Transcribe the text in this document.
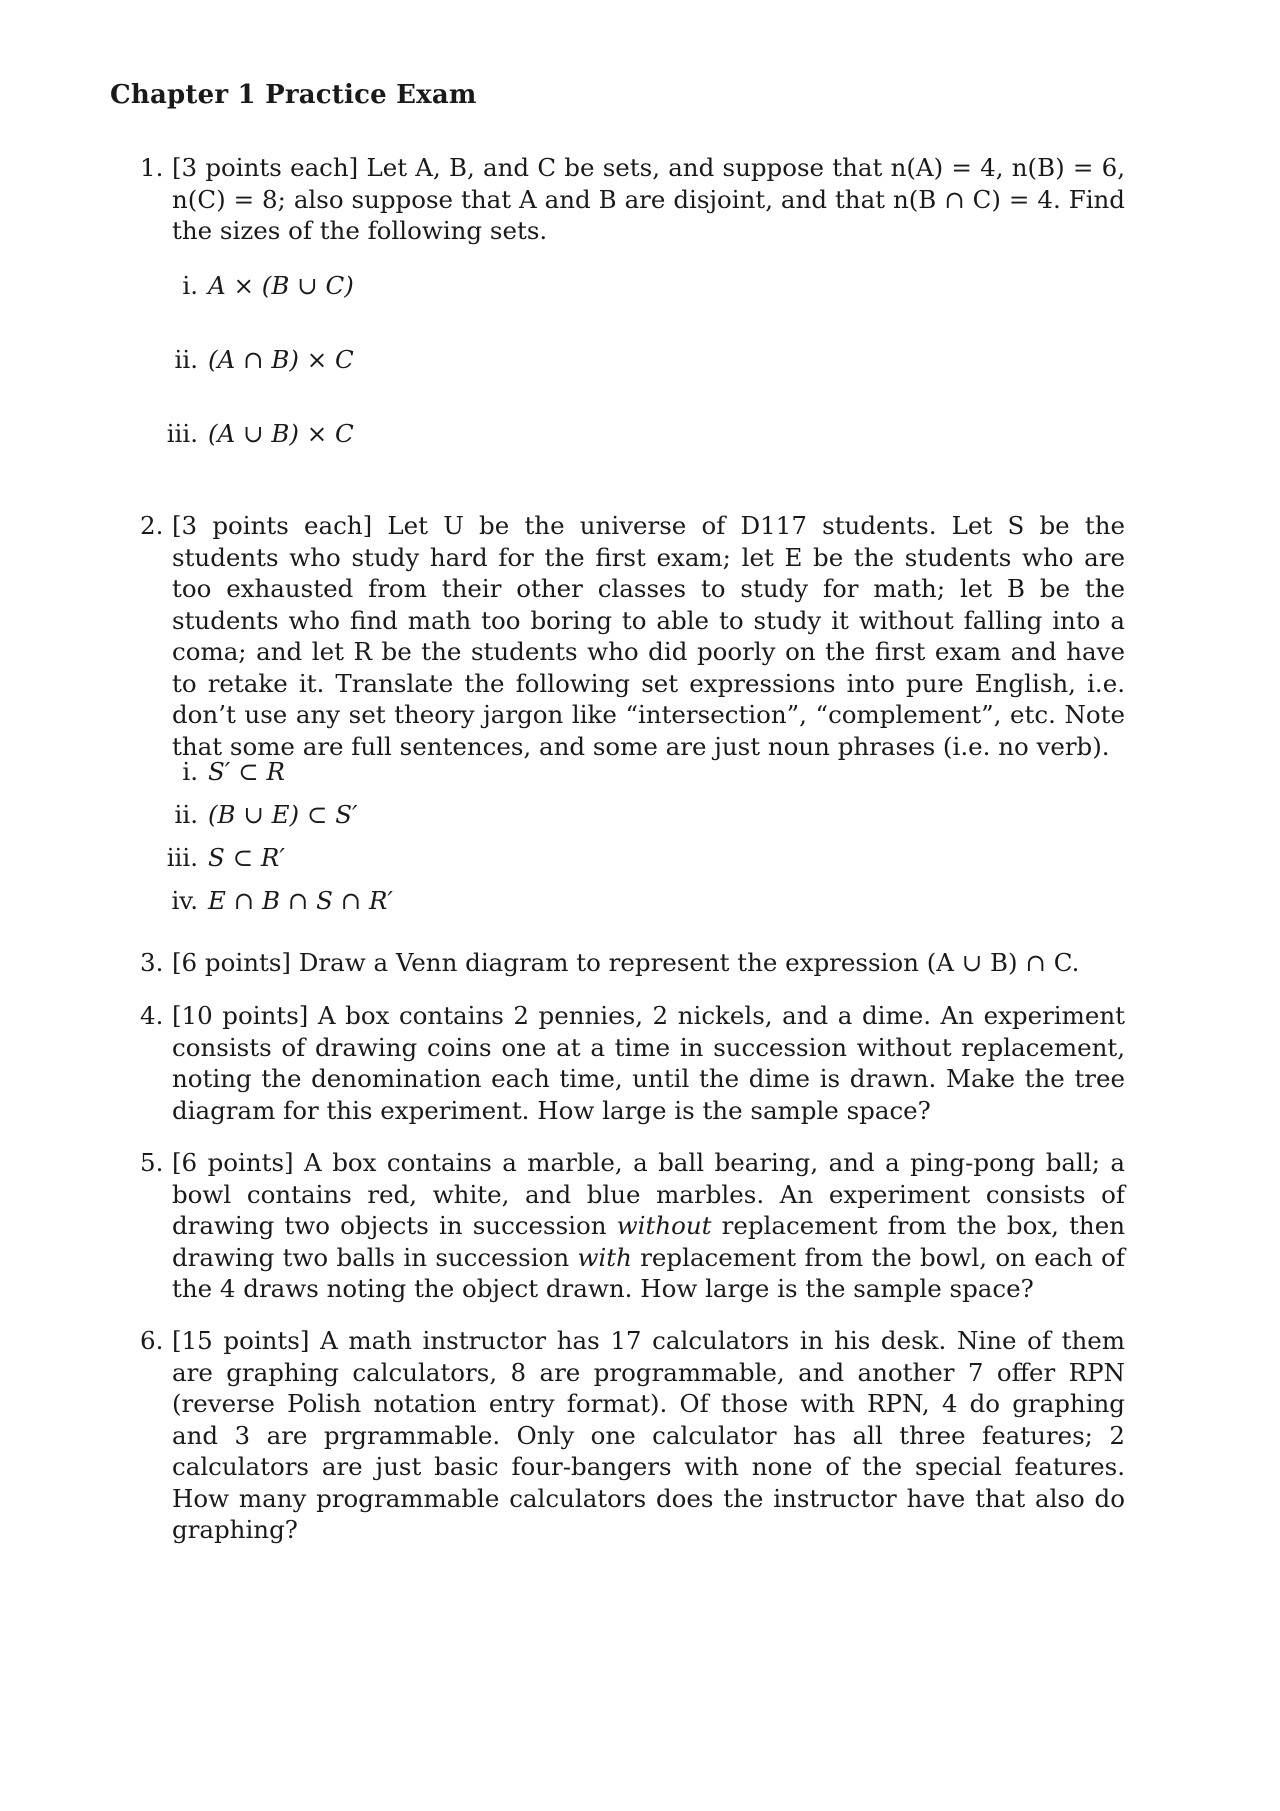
Chapter 1 Practice Exam
1. [3 points each] Let A, B, and C be sets, and suppose that n(A) = 4, n(B) = 6, n(C) = 8; also suppose that A and B are disjoint, and that n(B ∩ C) = 4. Find the sizes of the following sets.
i. A × (B ∪ C)
ii. (A ∩ B) × C
iii. (A ∪ B) × C
2. [3 points each] Let U be the universe of D117 students. Let S be the students who study hard for the first exam; let E be the students who are too exhausted from their other classes to study for math; let B be the students who find math too boring to able to study it without falling into a coma; and let R be the students who did poorly on the first exam and have to retake it. Translate the following set expressions into pure English, i.e. don’t use any set theory jargon like “intersection”, “complement”, etc. Note that some are full sentences, and some are just noun phrases (i.e. no verb).
i. S′ ⊂ R
ii. (B ∪ E) ⊂ S′
iii. S ⊂ R′
iv. E ∩ B ∩ S ∩ R′
3. [6 points] Draw a Venn diagram to represent the expression (A ∪ B) ∩ C.
4. [10 points] A box contains 2 pennies, 2 nickels, and a dime. An experiment consists of drawing coins one at a time in succession without replacement, noting the denomination each time, until the dime is drawn. Make the tree diagram for this experiment. How large is the sample space?
5. [6 points] A box contains a marble, a ball bearing, and a ping-pong ball; a bowl contains red, white, and blue marbles. An experiment consists of drawing two objects in succession without replacement from the box, then drawing two balls in succession with replacement from the bowl, on each of the 4 draws noting the object drawn. How large is the sample space?
6. [15 points] A math instructor has 17 calculators in his desk. Nine of them are graphing calculators, 8 are programmable, and another 7 offer RPN (reverse Polish notation entry format). Of those with RPN, 4 do graphing and 3 are prgrammable. Only one calculator has all three features; 2 calculators are just basic four-bangers with none of the special features. How many programmable calculators does the instructor have that also do graphing?
